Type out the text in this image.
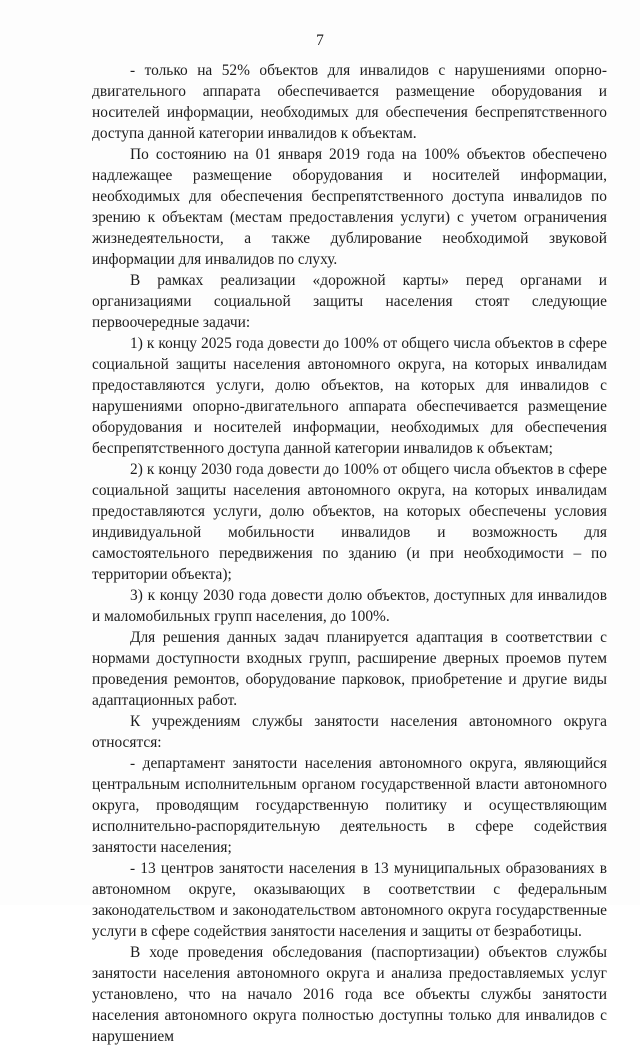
7

- только на 52% объектов для инвалидов с нарушениями опорно-двигательного аппарата обеспечивается размещение оборудования и носителей информации, необходимых для обеспечения беспрепятственного доступа данной категории инвалидов к объектам.

По состоянию на 01 января 2019 года на 100% объектов обеспечено надлежащее размещение оборудования и носителей информации, необходимых для обеспечения беспрепятственного доступа инвалидов по зрению к объектам (местам предоставления услуги) с учетом ограничения жизнедеятельности, а также дублирование необходимой звуковой информации для инвалидов по слуху.

В рамках реализации «дорожной карты» перед органами и организациями социальной защиты населения стоят следующие первоочередные задачи:

1) к концу 2025 года довести до 100% от общего числа объектов в сфере социальной защиты населения автономного округа, на которых инвалидам предоставляются услуги, долю объектов, на которых для инвалидов с нарушениями опорно-двигательного аппарата обеспечивается размещение оборудования и носителей информации, необходимых для обеспечения беспрепятственного доступа данной категории инвалидов к объектам;

2) к концу 2030 года довести до 100% от общего числа объектов в сфере социальной защиты населения автономного округа, на которых инвалидам предоставляются услуги, долю объектов, на которых обеспечены условия индивидуальной мобильности инвалидов и возможность для самостоятельного передвижения по зданию (и при необходимости – по территории объекта);

3) к концу 2030 года довести долю объектов, доступных для инвалидов и маломобильных групп населения, до 100%.

Для решения данных задач планируется адаптация в соответствии с нормами доступности входных групп, расширение дверных проемов путем проведения ремонтов, оборудование парковок, приобретение и другие виды адаптационных работ.

К учреждениям службы занятости населения автономного округа относятся:

- департамент занятости населения автономного округа, являющийся центральным исполнительным органом государственной власти автономного округа, проводящим государственную политику и осуществляющим исполнительно-распорядительную деятельность в сфере содействия занятости населения;

- 13 центров занятости населения в 13 муниципальных образованиях в автономном округе, оказывающих в соответствии с федеральным законодательством и законодательством автономного округа государственные услуги в сфере содействия занятости населения и защиты от безработицы.

В ходе проведения обследования (паспортизации) объектов службы занятости населения автономного округа и анализа предоставляемых услуг установлено, что на начало 2016 года все объекты службы занятости населения автономного округа полностью доступны только для инвалидов с нарушением
